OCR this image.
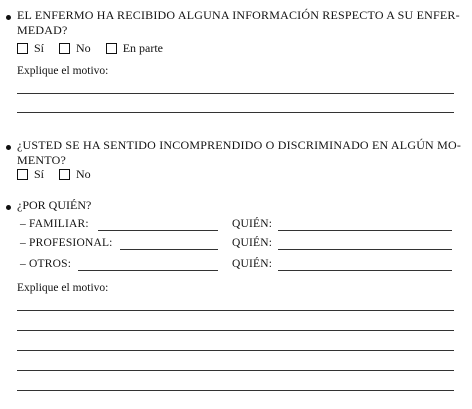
EL ENFERMO HA RECIBIDO ALGUNA INFORMACIÓN RESPECTO A SU ENFER-
MEDAD?
Sí
	No
	En parte
Explique el motivo:
¿USTED SE HA SENTIDO INCOMPRENDIDO O DISCRIMINADO EN ALGÚN MO-
MENTO?
Sí
	No
¿POR QUIÉN?
– FAMILIAR:	QUIÉN:
– PROFESIONAL:	QUIÉN:
– OTROS:	QUIÉN:
Explique el motivo:
